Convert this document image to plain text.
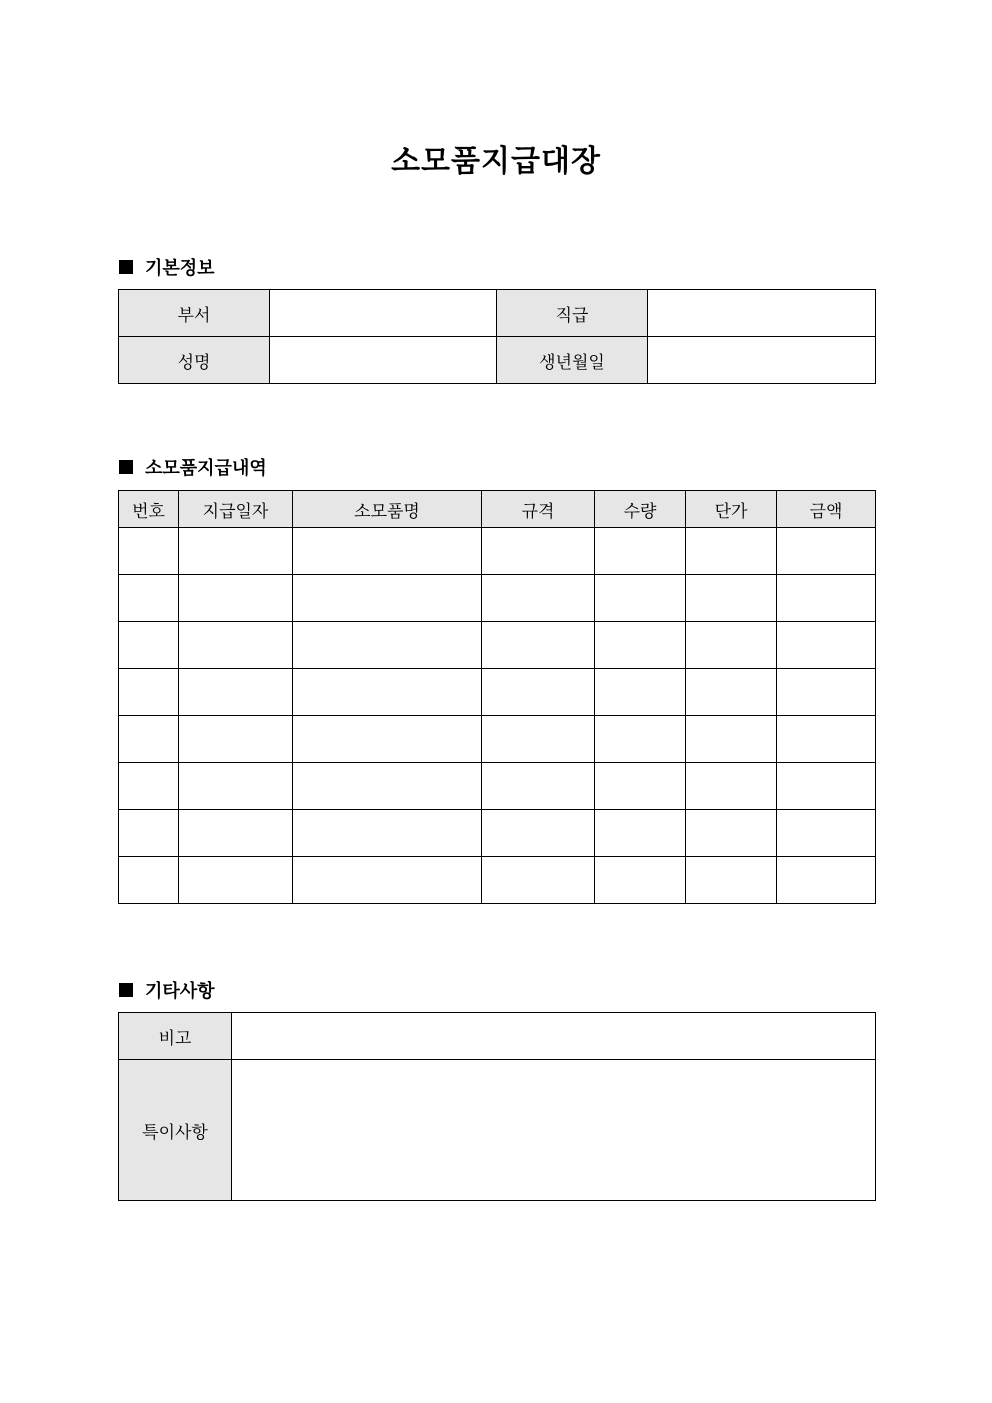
소모품지급대장
기본정보
부서		직급	
성명		생년월일	
소모품지급내역
번호	지급일자	소모품명	규격	수량	단가	금액

기타사항
비고	
특이사항	
